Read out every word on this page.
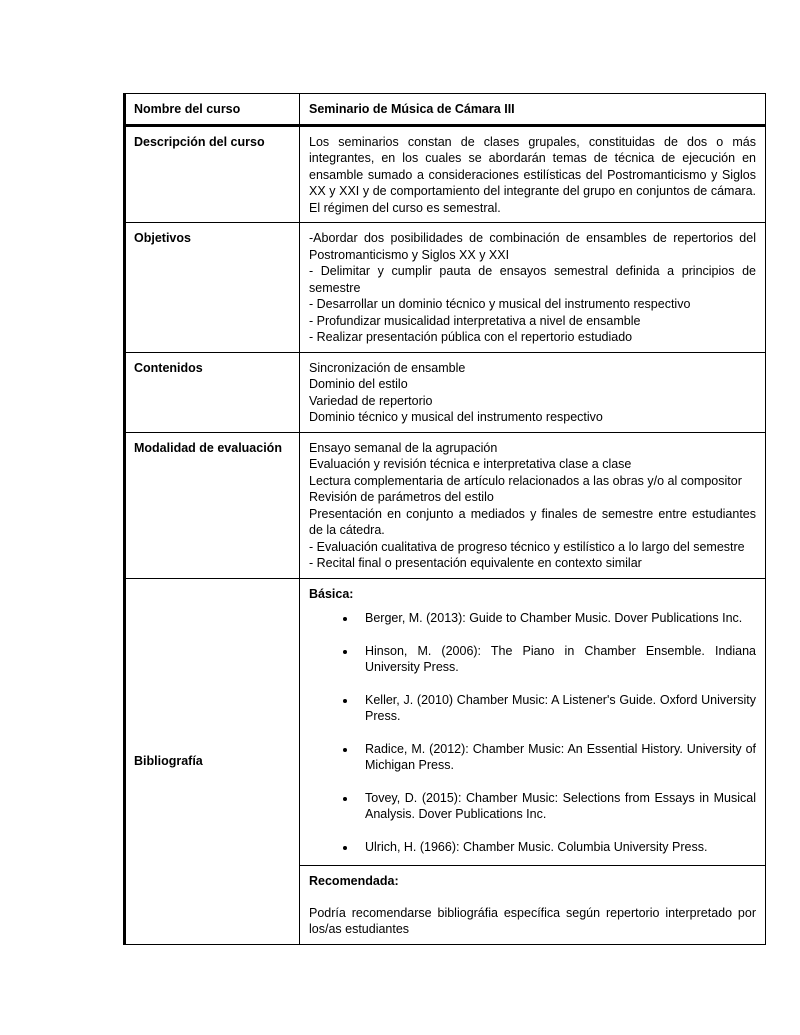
Nombre del curso	Seminario de Música de Cámara III
Descripción del curso	Los seminarios constan de clases grupales, constituidas de dos o más integrantes, en los cuales se abordarán temas de técnica de ejecución en ensamble sumado a consideraciones estilísticas del Postromanticismo y Siglos XX y XXI y de comportamiento del integrante del grupo en conjuntos de cámara. El régimen del curso es semestral.
Objetivos	-Abordar dos posibilidades de combinación de ensambles de repertorios del Postromanticismo y Siglos XX y XXI
- Delimitar y cumplir pauta de ensayos semestral definida a principios de semestre
- Desarrollar un dominio técnico y musical del instrumento respectivo
- Profundizar musicalidad interpretativa a nivel de ensamble
- Realizar presentación pública con el repertorio estudiado
Contenidos	Sincronización de ensamble
Dominio del estilo
Variedad de repertorio
Dominio técnico y musical del instrumento respectivo
Modalidad de evaluación	Ensayo semanal de la agrupación
Evaluación y revisión técnica e interpretativa clase a clase
Lectura complementaria de artículo relacionados a las obras y/o al compositor
Revisión de parámetros del estilo
Presentación en conjunto a mediados y finales de semestre entre estudiantes de la cátedra.
- Evaluación cualitativa de progreso técnico y estilístico a lo largo del semestre
- Recital final o presentación equivalente en contexto similar
Bibliografía
Básica:
• Berger, M. (2013): Guide to Chamber Music. Dover Publications Inc.
• Hinson, M. (2006): The Piano in Chamber Ensemble. Indiana University Press.
• Keller, J. (2010) Chamber Music: A Listener's Guide. Oxford University Press.
• Radice, M. (2012): Chamber Music: An Essential History. University of Michigan Press.
• Tovey, D. (2015): Chamber Music: Selections from Essays in Musical Analysis. Dover Publications Inc.
• Ulrich, H. (1966): Chamber Music. Columbia University Press.
Recomendada:
Podría recomendarse bibliográfia específica según repertorio interpretado por los/as estudiantes
